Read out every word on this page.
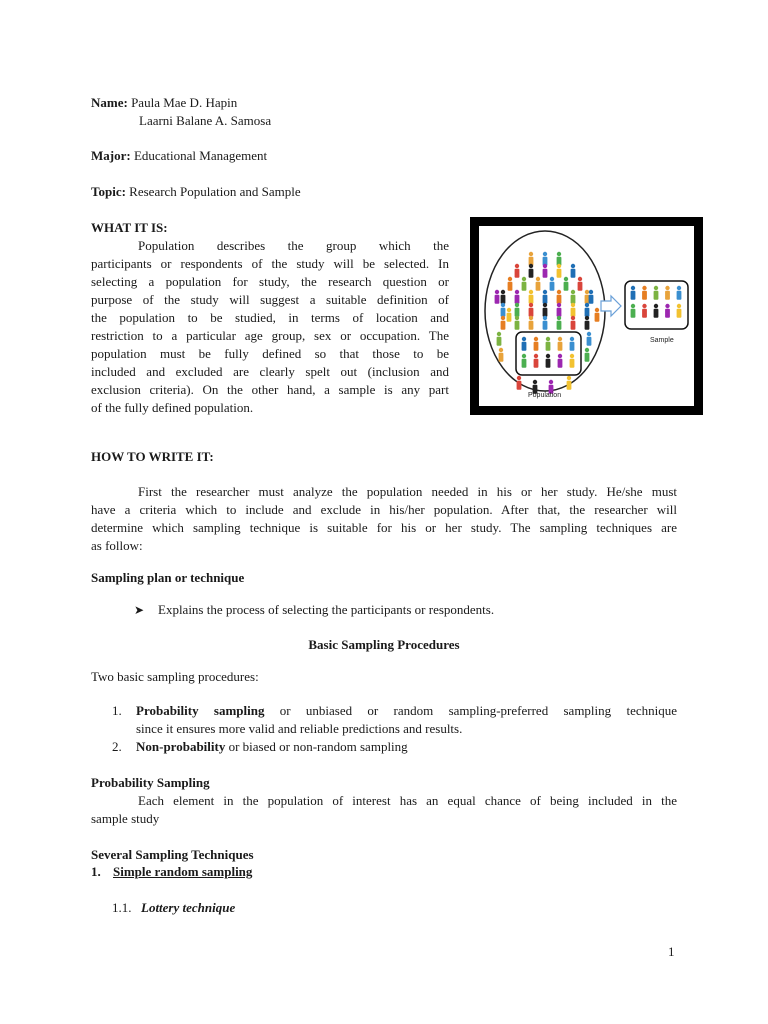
Name: Paula Mae D. Hapin
Laarni Balane A. Samosa
Major: Educational Management
Topic: Research Population and Sample
WHAT IT IS:
Population describes the group which the
participants or respondents of the study will be selected. In
selecting a population for study, the research question or
purpose of the study will suggest a suitable definition of
the population to be studied, in terms of location and
restriction to a particular age group, sex or occupation. The
population must be fully defined so that those to be
included and excluded are clearly spelt out (inclusion and
exclusion criteria). On the other hand, a sample is any part
of the fully defined population.
Sample
Population
HOW TO WRITE IT:
First the researcher must analyze the population needed in his or her study. He/she must
have a criteria which to include and exclude in his/her population. After that, the researcher will
determine which sampling technique is suitable for his or her study. The sampling techniques are
as follow:
Sampling plan or technique
➤ Explains the process of selecting the participants or respondents.
Basic Sampling Procedures
Two basic sampling procedures:
1. Probability sampling or unbiased or random sampling-preferred sampling technique
since it ensures more valid and reliable predictions and results.
2. Non-probability or biased or non-random sampling
Probability Sampling
Each element in the population of interest has an equal chance of being included in the
sample study
Several Sampling Techniques
1. Simple random sampling
1.1. Lottery technique
1
